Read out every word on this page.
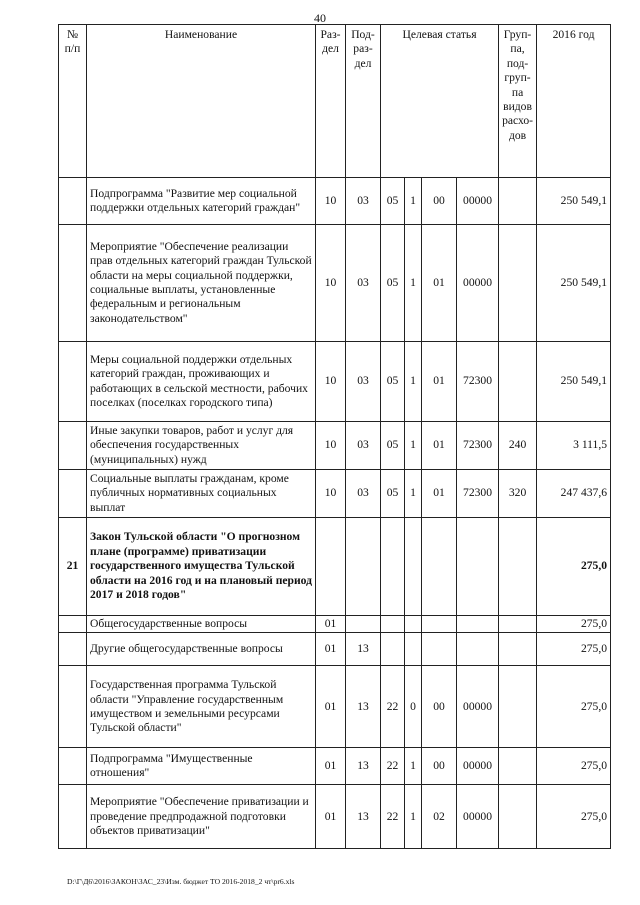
40
№ п/п	Наименование	Раз- дел	Под- раз- дел	Целевая статья				Груп- па, под- груп- па видов расхо- дов	2016 год
	Подпрограмма "Развитие мер социальной поддержки отдельных категорий граждан"	10	03	05	1	00	00000		250 549,1
	Мероприятие "Обеспечение реализации прав отдельных категорий граждан Тульской области на меры социальной поддержки, социальные выплаты, установленные федеральным и региональным законодательством"	10	03	05	1	01	00000		250 549,1
	Меры социальной поддержки отдельных категорий граждан, проживающих и работающих в сельской местности, рабочих поселках (поселках городского типа)	10	03	05	1	01	72300		250 549,1
	Иные закупки товаров, работ и услуг для обеспечения государственных (муниципальных) нужд	10	03	05	1	01	72300	240	3 111,5
	Социальные выплаты гражданам, кроме публичных нормативных социальных выплат	10	03	05	1	01	72300	320	247 437,6
21	Закон Тульской области "О прогнозном плане (программе) приватизации государственного имущества Тульской области на 2016 год и на плановый период 2017 и 2018 годов"								275,0
	Общегосударственные вопросы	01							275,0
	Другие общегосударственные вопросы	01	13						275,0
	Государственная программа Тульской области "Управление государственным имуществом и земельными ресурсами Тульской области"	01	13	22	0	00	00000		275,0
	Подпрограмма "Имущественные отношения"	01	13	22	1	00	00000		275,0
	Мероприятие "Обеспечение приватизации и проведение предпродажной подготовки объектов приватизации"	01	13	22	1	02	00000		275,0
D:\Г\Д6\2016\ЗАКОН\ЗАС_23\Изм. бюджет ТО 2016-2018_2 чт\pr6.xls
